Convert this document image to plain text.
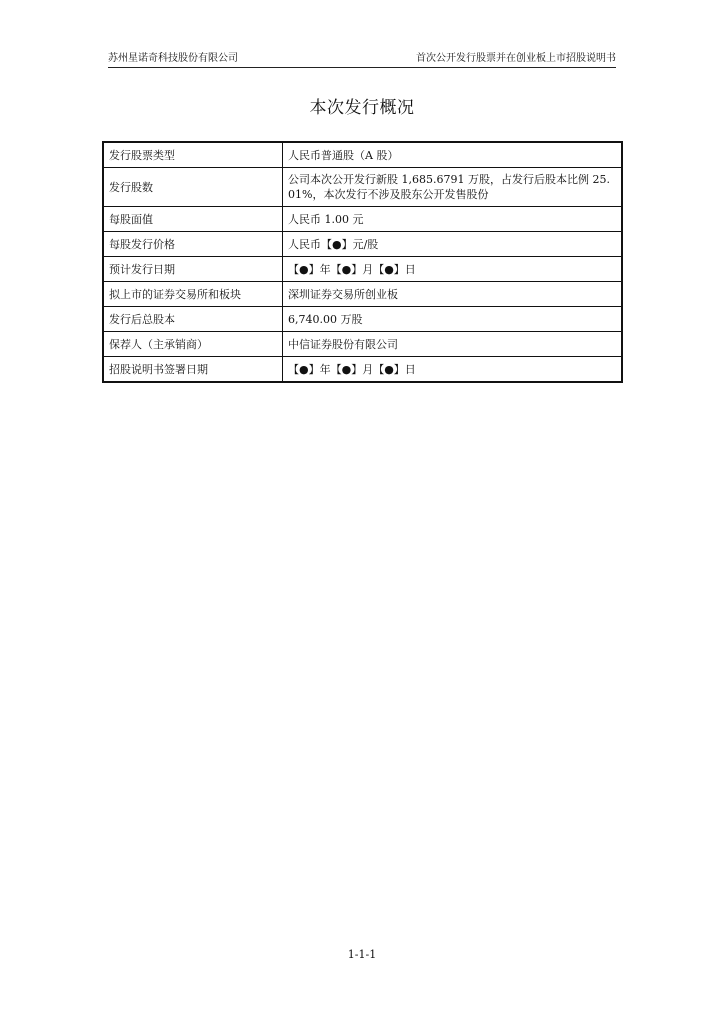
苏州星诺奇科技股份有限公司	首次公开发行股票并在创业板上市招股说明书
本次发行概况
发行股票类型	人民币普通股（A 股）
发行股数	公司本次公开发行新股 1,685.6791 万股，占发行后股本比例 25.01%，本次发行不涉及股东公开发售股份
每股面值	人民币 1.00 元
每股发行价格	人民币【●】元/股
预计发行日期	【●】年【●】月【●】日
拟上市的证券交易所和板块	深圳证券交易所创业板
发行后总股本	6,740.00 万股
保荐人（主承销商）	中信证券股份有限公司
招股说明书签署日期	【●】年【●】月【●】日
1-1-1
